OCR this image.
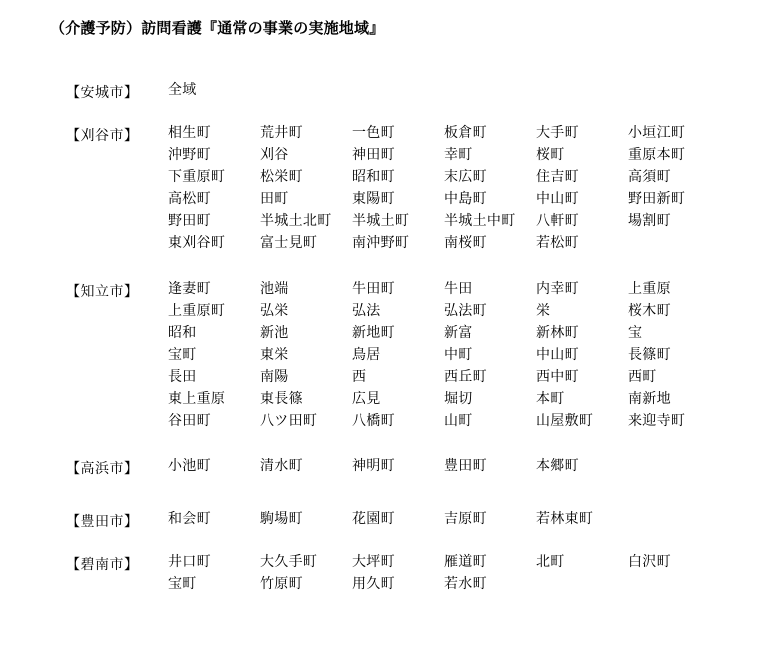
（介護予防）訪問看護『通常の事業の実施地域』
【安城市】 全域
【刈谷市】 相生町	荒井町	一色町	板倉町	大手町	小垣江町
沖野町	刈谷	神田町	幸町	桜町	重原本町
下重原町	松栄町	昭和町	末広町	住吉町	高須町
高松町	田町	東陽町	中島町	中山町	野田新町
野田町	半城土北町	半城土町	半城土中町	八軒町	場割町
東刈谷町	富士見町	南沖野町	南桜町	若松町
【知立市】 逢妻町	池端	牛田町	牛田	内幸町	上重原
上重原町	弘栄	弘法	弘法町	栄	桜木町
昭和	新池	新地町	新富	新林町	宝
宝町	東栄	鳥居	中町	中山町	長篠町
長田	南陽	西	西丘町	西中町	西町
東上重原	東長篠	広見	堀切	本町	南新地
谷田町	八ツ田町	八橋町	山町	山屋敷町	来迎寺町
【高浜市】 小池町	清水町	神明町	豊田町	本郷町
【豊田市】 和会町	駒場町	花園町	吉原町	若林東町
【碧南市】 井口町	大久手町	大坪町	雁道町	北町	白沢町
宝町	竹原町	用久町	若水町
